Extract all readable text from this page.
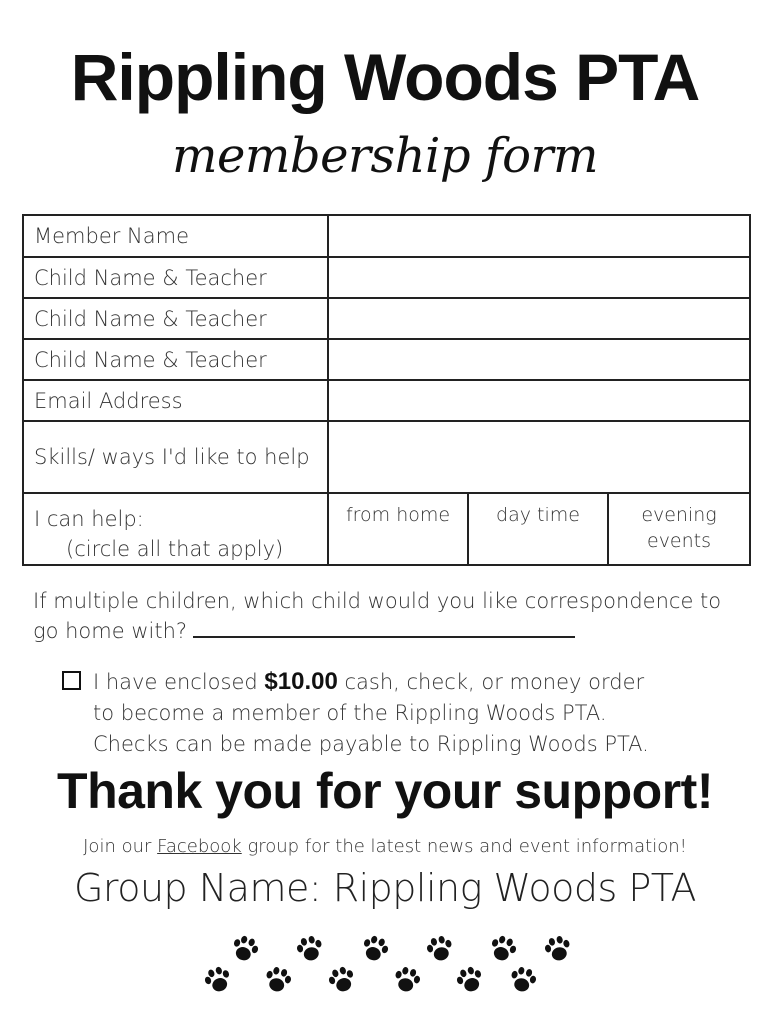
Rippling Woods PTA
membership form
Member Name			
Child Name & Teacher			
Child Name & Teacher			
Child Name & Teacher			
Email Address			
Skills/ ways I'd like to help			
I can help:
(circle all that apply)	from home	day time	evening events
If multiple children, which child would you like correspondence to go home with?
I have enclosed $10.00 cash, check, or money order
to become a member of the Rippling Woods PTA.
Checks can be made payable to Rippling Woods PTA.
Thank you for your support!
Join our Facebook group for the latest news and event information!
Group Name: Rippling Woods PTA
